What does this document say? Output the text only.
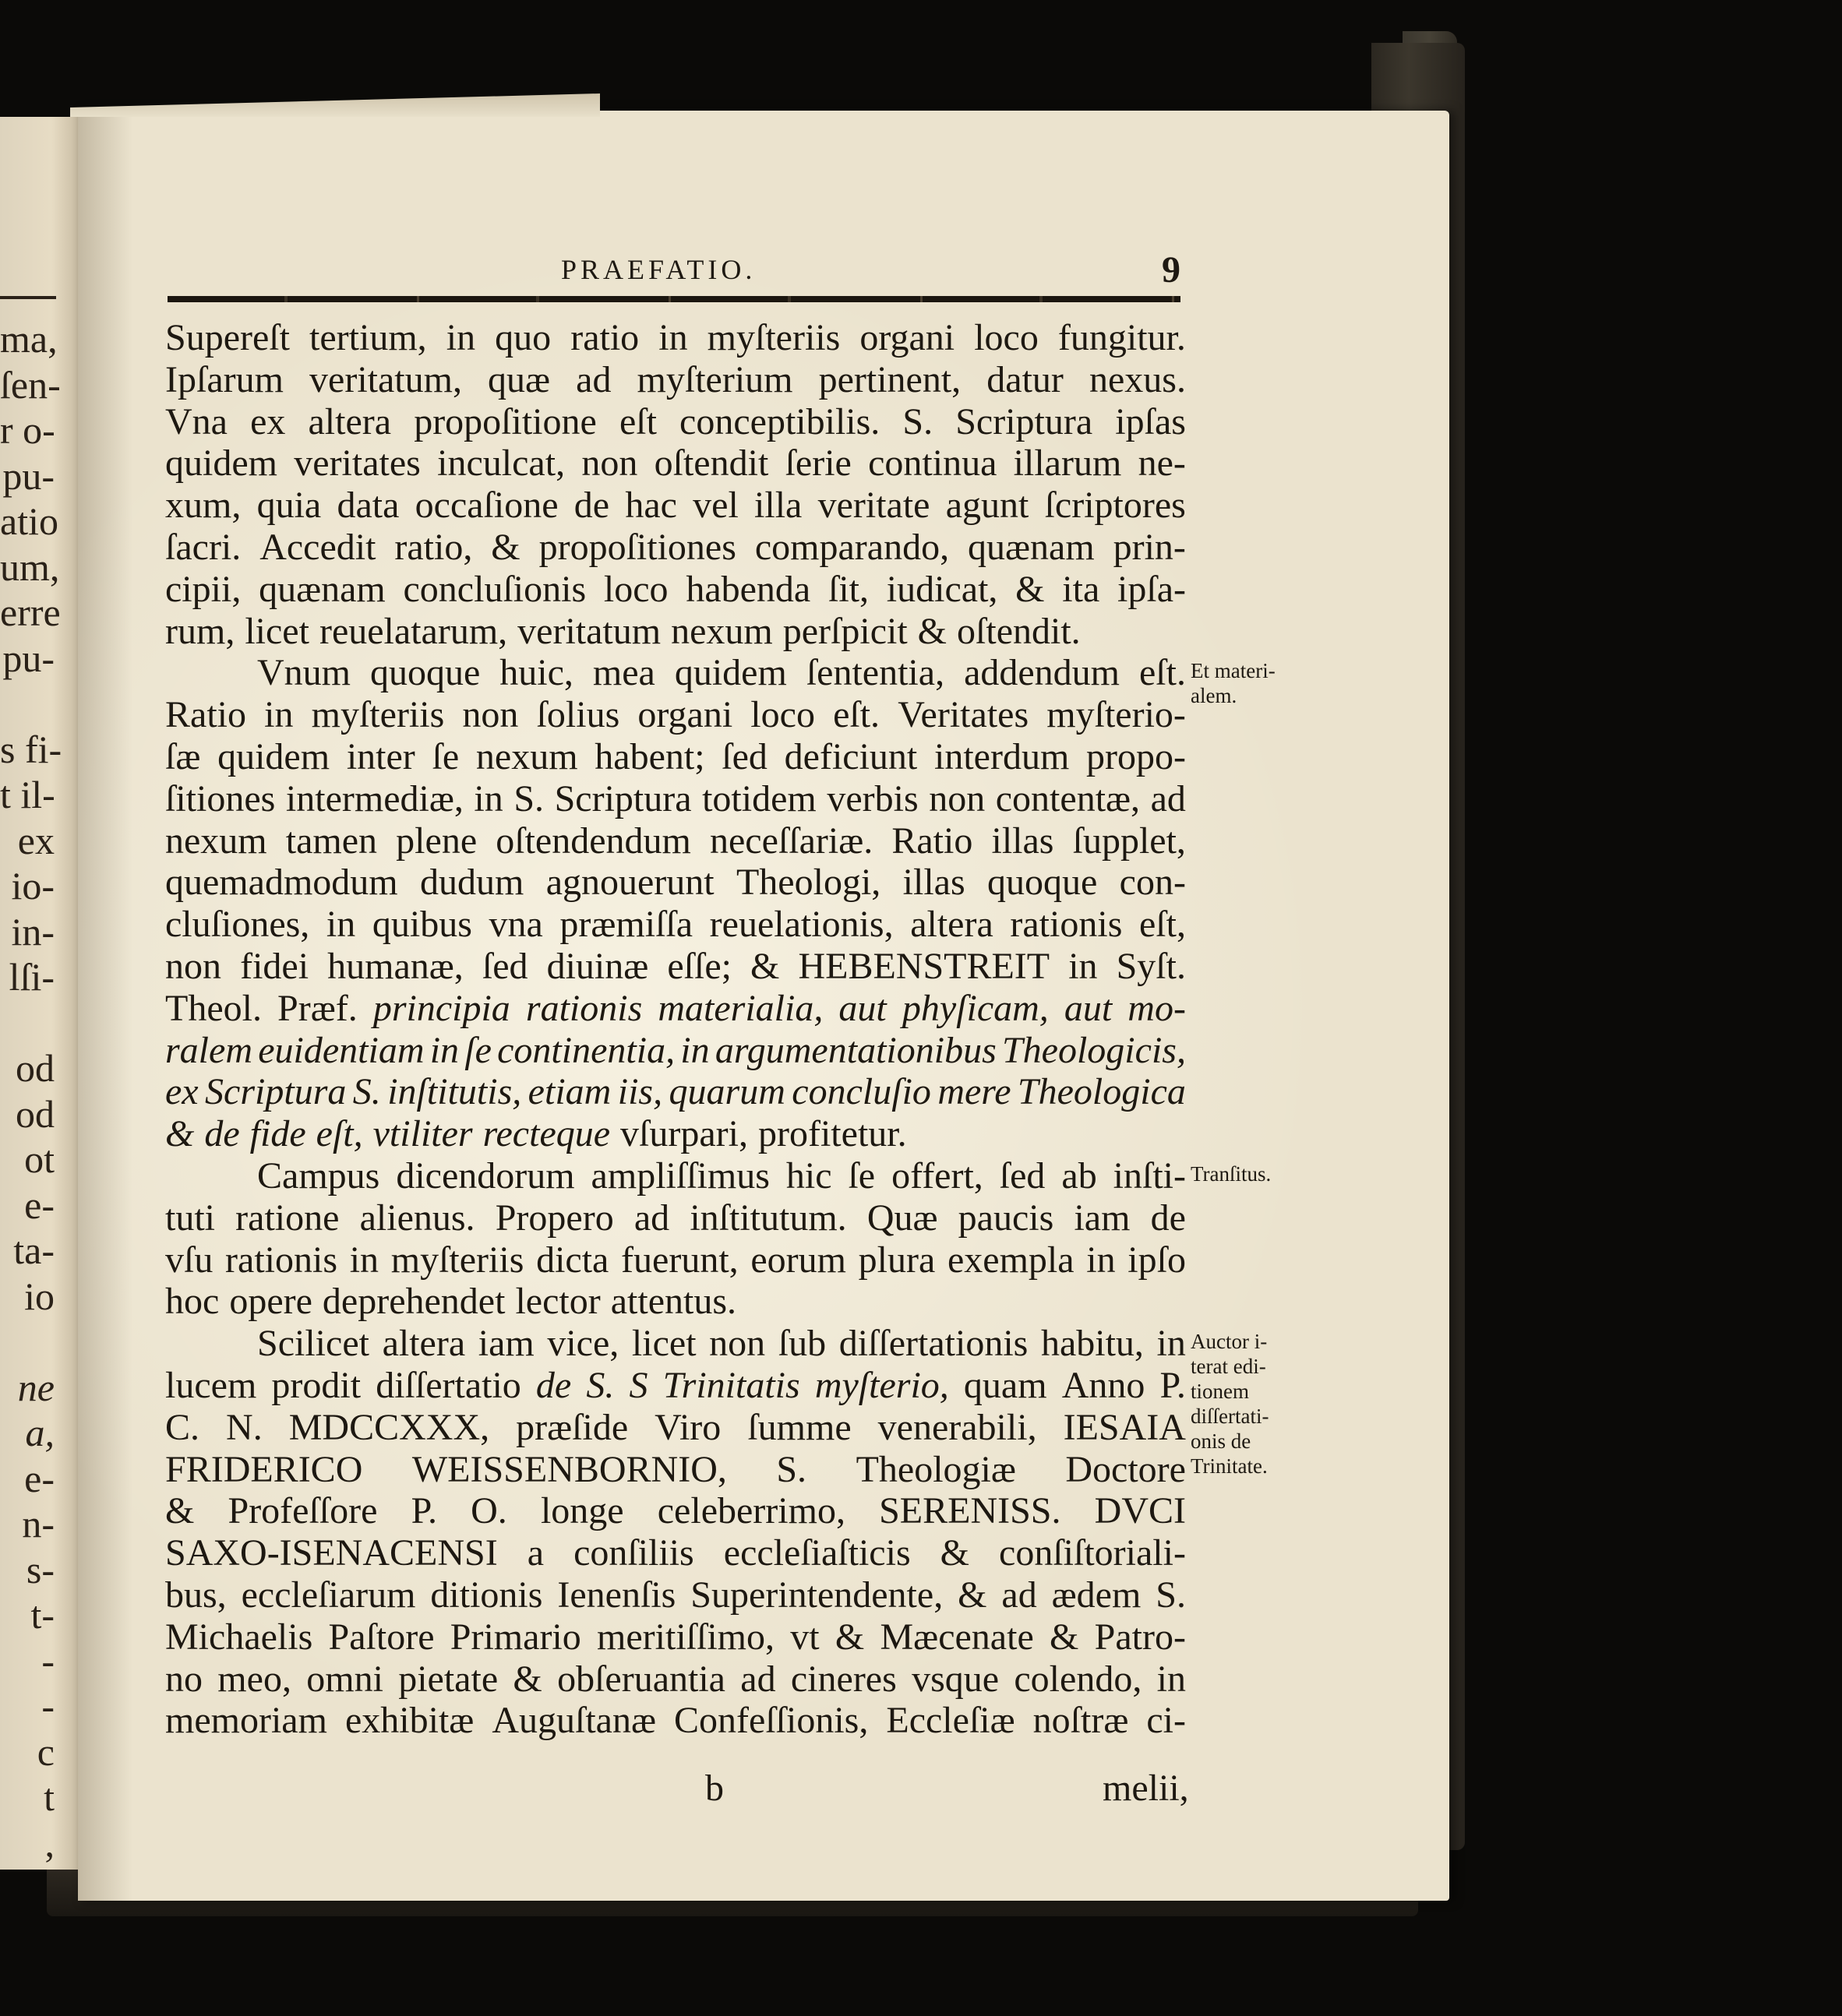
ma,
ſen-
r o-
pu-
atio
um,
erre
pu-
s fi-
t il-
ex
io-
in-
lſi-
od
od
ot
e-
ta-
io
ne
a,
e-
n-
s-
t-
-
-
c
t
,
PRAEFATIO.	9
Supereſt tertium, in quo ratio in myſteriis organi loco fungitur.
Ipſarum veritatum, quæ ad myſterium pertinent, datur nexus.
Vna ex altera propoſitione eſt conceptibilis. S. Scriptura ipſas
quidem veritates inculcat, non oſtendit ſerie continua illarum ne-
xum, quia data occaſione de hac vel illa veritate agunt ſcriptores
ſacri. Accedit ratio, & propoſitiones comparando, quænam prin-
cipii, quænam concluſionis loco habenda ſit, iudicat, & ita ipſa-
rum, licet reuelatarum, veritatum nexum perſpicit & oſtendit.
Vnum quoque huic, mea quidem ſententia, addendum eſt.
Ratio in myſteriis non ſolius organi loco eſt. Veritates myſterio-
ſæ quidem inter ſe nexum habent; ſed deficiunt interdum propo-
ſitiones intermediæ, in S. Scriptura totidem verbis non contentæ, ad
nexum tamen plene oſtendendum neceſſariæ. Ratio illas ſupplet,
quemadmodum dudum agnouerunt Theologi, illas quoque con-
cluſiones, in quibus vna præmiſſa reuelationis, altera rationis eſt,
non fidei humanæ, ſed diuinæ eſſe; & HEBENSTREIT in Syſt.
Theol. Præf. principia rationis materialia, aut phyſicam, aut mo-
ralem euidentiam in ſe continentia, in argumentationibus Theologicis,
ex Scriptura S. inſtitutis, etiam iis, quarum concluſio mere Theologica
& de fide eſt, vtiliter recteque vſurpari, profitetur.
Campus dicendorum ampliſſimus hic ſe offert, ſed ab inſti-
tuti ratione alienus. Propero ad inſtitutum. Quæ paucis iam de
vſu rationis in myſteriis dicta fuerunt, eorum plura exempla in ipſo
hoc opere deprehendet lector attentus.
Scilicet altera iam vice, licet non ſub diſſertationis habitu, in
lucem prodit diſſertatio de S. S Trinitatis myſterio, quam Anno P.
C. N. MDCCXXX, præſide Viro ſumme venerabili, IESAIA
FRIDERICO WEISSENBORNIO, S. Theologiæ Doctore
& Profeſſore P. O. longe celeberrimo, SERENISS. DVCI
SAXO-ISENACENSI a conſiliis eccleſiaſticis & conſiſtoriali-
bus, eccleſiarum ditionis Ienenſis Superintendente, & ad ædem S.
Michaelis Paſtore Primario meritiſſimo, vt & Mæcenate & Patro-
no meo, omni pietate & obſeruantia ad cineres vsque colendo, in
memoriam exhibitæ Auguſtanæ Confeſſionis, Eccleſiæ noſtræ ci-
Et materi-
alem.
Tranſitus.
Auctor i-
terat edi-
tionem
diſſertati-
onis de
Trinitate.
b	melii,
